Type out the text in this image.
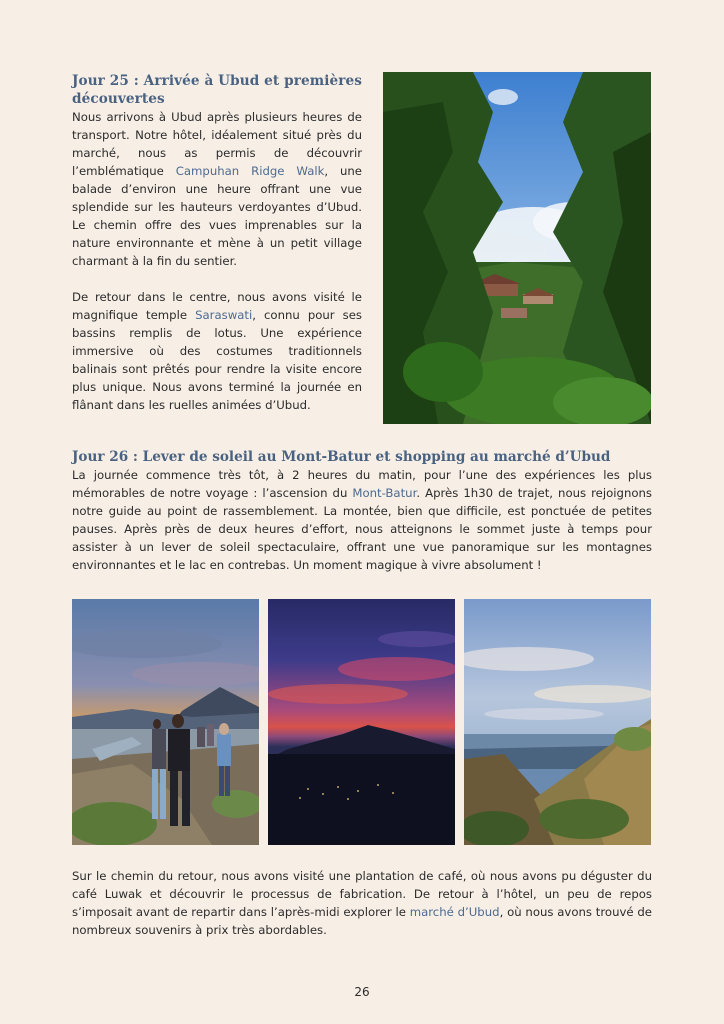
Jour 25 : Arrivée à Ubud et premières découvertes

Nous arrivons à Ubud après plusieurs heures de transport. Notre hôtel, idéalement situé près du marché, nous as permis de découvrir l’emblématique Campuhan Ridge Walk, une balade d’environ une heure offrant une vue splendide sur les hauteurs verdoyantes d’Ubud. Le chemin offre des vues imprenables sur la nature environnante et mène à un petit village charmant à la fin du sentier.

De retour dans le centre, nous avons visité le magnifique temple Saraswati, connu pour ses bassins remplis de lotus. Une expérience immersive où des costumes traditionnels balinais sont prêtés pour rendre la visite encore plus unique. Nous avons terminé la journée en flânant dans les ruelles animées d’Ubud.

Jour 26 : Lever de soleil au Mont-Batur et shopping au marché d’Ubud

La journée commence très tôt, à 2 heures du matin, pour l’une des expériences les plus mémorables de notre voyage : l’ascension du Mont-Batur. Après 1h30 de trajet, nous rejoignons notre guide au point de rassemblement. La montée, bien que difficile, est ponctuée de petites pauses. Après près de deux heures d’effort, nous atteignons le sommet juste à temps pour assister à un lever de soleil spectaculaire, offrant une vue panoramique sur les montagnes environnantes et le lac en contrebas. Un moment magique à vivre absolument !

Sur le chemin du retour, nous avons visité une plantation de café, où nous avons pu déguster du café Luwak et découvrir le processus de fabrication. De retour à l’hôtel, un peu de repos s’imposait avant de repartir dans l’après-midi explorer le marché d’Ubud, où nous avons trouvé de nombreux souvenirs à prix très abordables.

26
